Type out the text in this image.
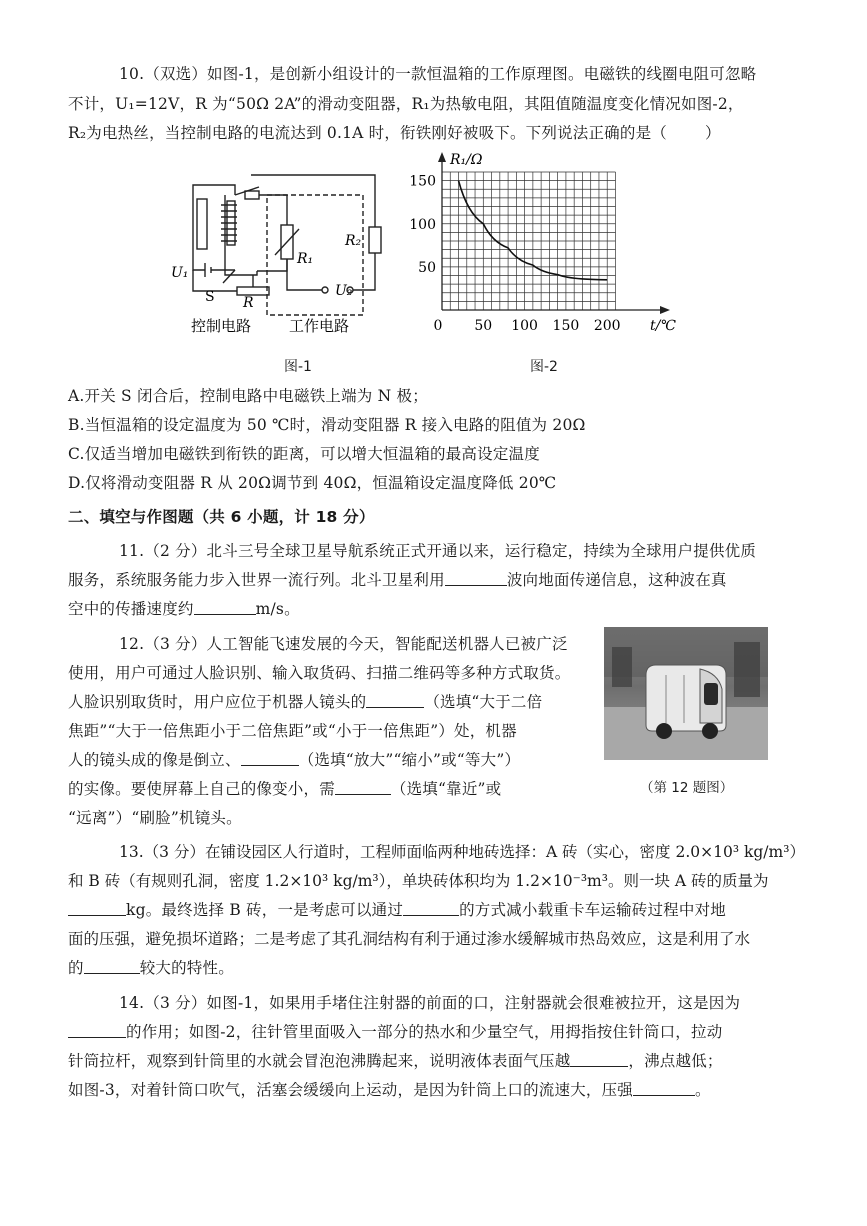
10.（双选）如图-1，是创新小组设计的一款恒温箱的工作原理图。电磁铁的线圈电阻可忽略
不计，U₁=12V，R 为“50Ω 2A”的滑动变阻器，R₁为热敏电阻，其阻值随温度变化情况如图-2，
R₂为电热丝，当控制电路的电流达到 0.1A 时，衔铁刚好被吸下。下列说法正确的是（ ）
R₂
R₁
U₁
U₂
S R
控制电路	工作电路
图-1
0 50 100 150 200
150
100
50
t/℃
R₁/Ω
图-2
A.开关 S 闭合后，控制电路中电磁铁上端为 N 极；
B.当恒温箱的设定温度为 50 ℃时，滑动变阻器 R 接入电路的阻值为 20Ω
C.仅适当增加电磁铁到衔铁的距离，可以增大恒温箱的最高设定温度
D.仅将滑动变阻器 R 从 20Ω调节到 40Ω，恒温箱设定温度降低 20℃
二、填空与作图题（共 6 小题，计 18 分）
11.（2 分）北斗三号全球卫星导航系统正式开通以来，运行稳定，持续为全球用户提供优质
服务，系统服务能力步入世界一流行列。北斗卫星利用	波向地面传递信息，这种波在真
空中的传播速度约	m/s。
12.（3 分）人工智能飞速发展的今天，智能配送机器人已被广泛
使用，用户可通过人脸识别、输入取货码、扫描二维码等多种方式取货。
人脸识别取货时，用户应位于机器人镜头的	（选填“大于二倍
焦距”“大于一倍焦距小于二倍焦距”或“小于一倍焦距”）处，机器
人的镜头成的像是倒立、	（选填“放大”“缩小”或“等大”）
的实像。要使屏幕上自己的像变小，需	（选填“靠近”或
“远离”）“刷脸”机镜头。
（第 12 题图）
13.（3 分）在铺设园区人行道时，工程师面临两种地砖选择：A 砖（实心，密度 2.0×10³ kg/m³）
和 B 砖（有规则孔洞，密度 1.2×10³ kg/m³），单块砖体积均为 1.2×10⁻³m³。则一块 A 砖的质量为
kg。最终选择 B 砖，一是考虑可以通过	的方式减小载重卡车运输砖过程中对地
面的压强，避免损坏道路；二是考虑了其孔洞结构有利于通过渗水缓解城市热岛效应，这是利用了水
的	较大的特性。
14.（3 分）如图-1，如果用手堵住注射器的前面的口，注射器就会很难被拉开，这是因为
的作用；如图-2，往针管里面吸入一部分的热水和少量空气，用拇指按住针筒口，拉动
针筒拉杆，观察到针筒里的水就会冒泡泡沸腾起来，说明液体表面气压越	，沸点越低；
如图-3，对着针筒口吹气，活塞会缓缓向上运动，是因为针筒上口的流速大，压强	。
